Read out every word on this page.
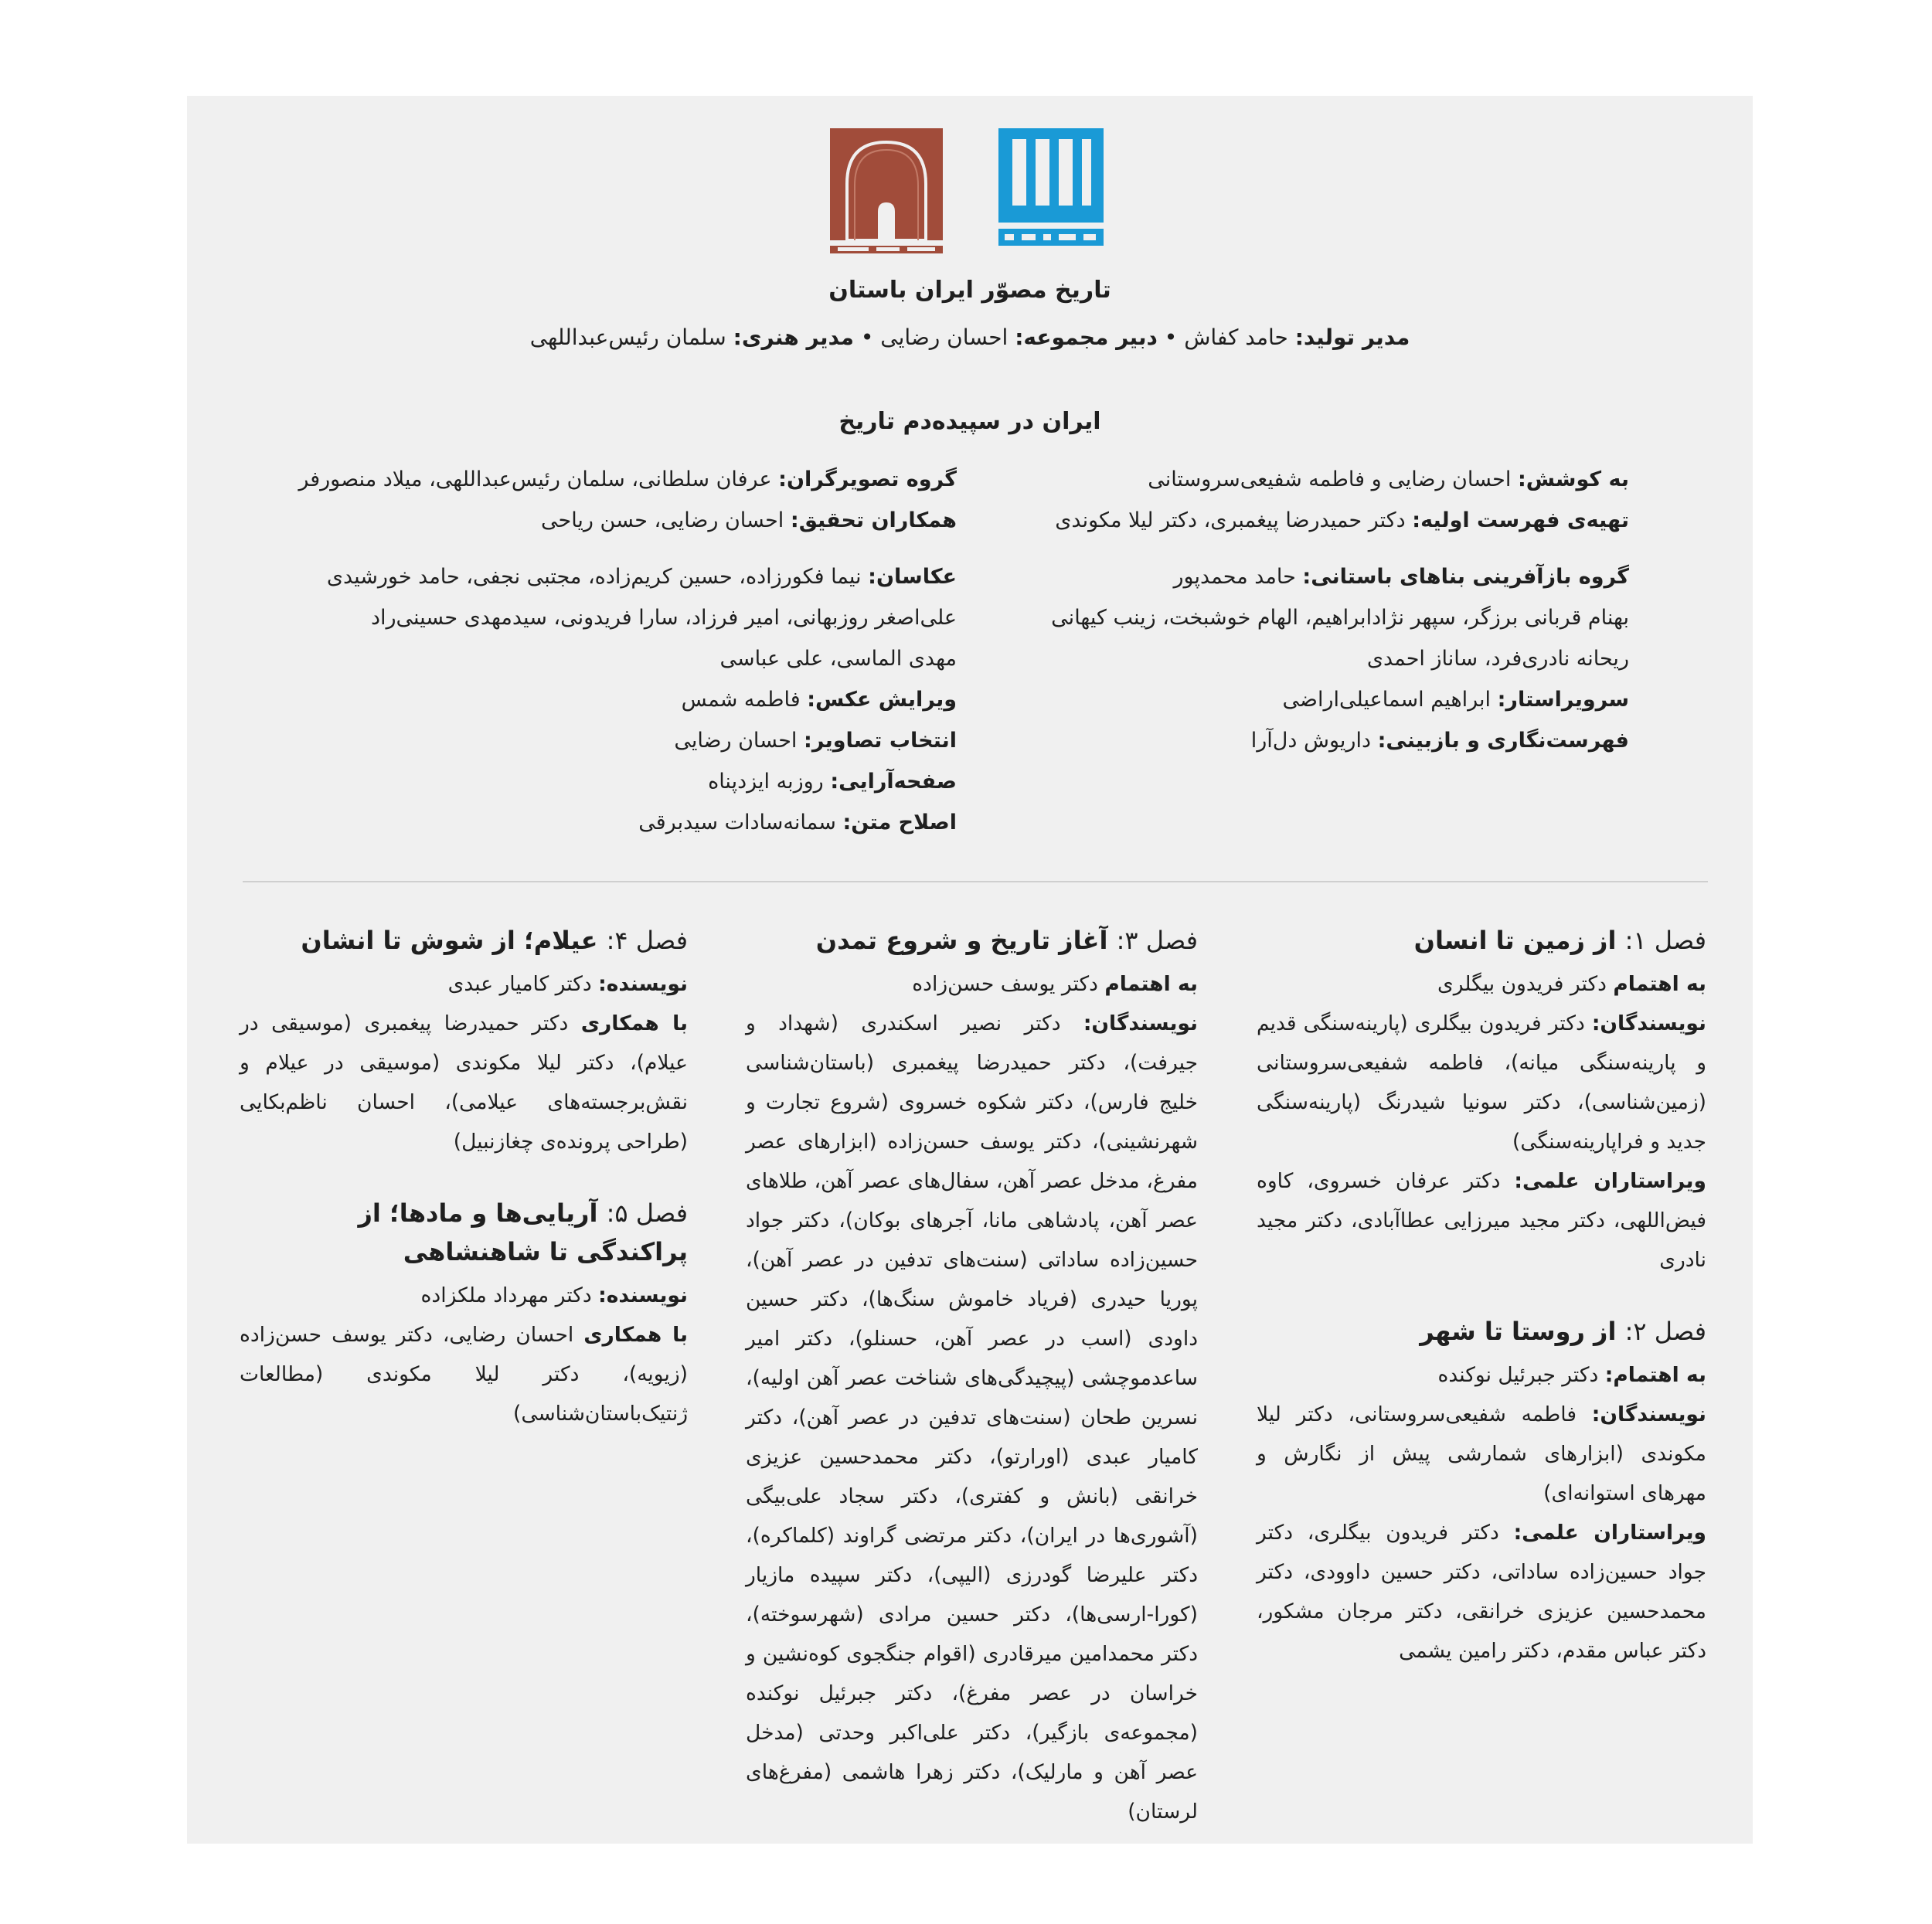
تاریخ مصوّر ایران باستان
مدیر تولید: حامد کفاش • دبیر مجموعه: احسان رضایی • مدیر هنری: سلمان رئیس‌عبداللهی
ایران در سپیده‌دم تاریخ
به کوشش: احسان رضایی و فاطمه شفیعی‌سروستانی
تهیه‌ی فهرست اولیه: دکتر حمیدرضا پیغمبری، دکتر لیلا مکوندی
گروه بازآفرینی بناهای باستانی: حامد محمدپور
بهنام قربانی برزگر، سپهر نژادابراهیم، الهام خوشبخت، زینب کیهانی
ریحانه نادری‌فرد، ساناز احمدی
سرویراستار: ابراهیم اسماعیلی‌اراضی
فهرست‌نگاری و بازبینی: داریوش دل‌آرا
گروه تصویرگران: عرفان سلطانی، سلمان رئیس‌عبداللهی، میلاد منصورفر
همکاران تحقیق: احسان رضایی، حسن ریاحی
عکاسان: نیما فکورزاده، حسین کریم‌زاده، مجتبی نجفی، حامد خورشیدی
علی‌اصغر روزبهانی، امیر فرزاد، سارا فریدونی، سیدمهدی حسینی‌راد
مهدی الماسی، علی عباسی
ویرایش عکس: فاطمه شمس
انتخاب تصاویر: احسان رضایی
صفحه‌آرایی: روزبه ایزدپناه
اصلاح متن: سمانه‌سادات سیدبرقی
فصل ۱: از زمین تا انسان
به اهتمام دکتر فریدون بیگلری
نویسندگان: دکتر فریدون بیگلری (پارینه‌سنگی قدیم و پارینه‌سنگی میانه)، فاطمه شفیعی‌سروستانی (زمین‌شناسی)، دکتر سونیا شیدرنگ (پارینه‌سنگی جدید و فراپارینه‌سنگی)
ویراستاران علمی: دکتر عرفان خسروی، کاوه فیض‌اللهی، دکتر مجید میرزایی عطاآبادی، دکتر مجید نادری
فصل ۲: از روستا تا شهر
به اهتمام: دکتر جبرئیل نوکنده
نویسندگان: فاطمه شفیعی‌سروستانی، دکتر لیلا مکوندی (ابزارهای شمارشی پیش از نگارش و مهرهای استوانه‌ای)
ویراستاران علمی: دکتر فریدون بیگلری، دکتر جواد حسین‌زاده ساداتی، دکتر حسین داوودی، دکتر محمدحسین عزیزی خرانقی، دکتر مرجان مشکور، دکتر عباس مقدم، دکتر رامین یشمی
فصل ۳: آغاز تاریخ و شروع تمدن
به اهتمام دکتر یوسف حسن‌زاده
نویسندگان: دکتر نصیر اسکندری (شهداد و جیرفت)، دکتر حمیدرضا پیغمبری (باستان‌شناسی خلیج فارس)، دکتر شکوه خسروی (شروع تجارت و شهرنشینی)، دکتر یوسف حسن‌زاده (ابزارهای عصر مفرغ، مدخل عصر آهن، سفال‌های عصر آهن، طلاهای عصر آهن، پادشاهی مانا، آجرهای بوکان)، دکتر جواد حسین‌زاده ساداتی (سنت‌های تدفین در عصر آهن)، پوریا حیدری (فریاد خاموش سنگ‌ها)، دکتر حسین داودی (اسب در عصر آهن، حسنلو)، دکتر امیر ساعدموچشی (پیچیدگی‌های شناخت عصر آهن اولیه)، نسرین طحان (سنت‌های تدفین در عصر آهن)، دکتر کامیار عبدی (اورارتو)، دکتر محمدحسین عزیزی خرانقی (بانش و کفتری)، دکتر سجاد علی‌بیگی (آشوری‌ها در ایران)، دکتر مرتضی گراوند (کلماکره)، دکتر علیرضا گودرزی (الیپی)، دکتر سپیده مازیار (کورا-ارسی‌ها)، دکتر حسین مرادی (شهرسوخته)، دکتر محمدامین میرقادری (اقوام جنگجوی کوه‌نشین و خراسان در عصر مفرغ)، دکتر جبرئیل نوکنده (مجموعه‌ی بازگیر)، دکتر علی‌اکبر وحدتی (مدخل عصر آهن و مارلیک)، دکتر زهرا هاشمی (مفرغ‌های لرستان)
فصل ۴: عیلام؛ از شوش تا انشان
نویسنده: دکتر کامیار عبدی
با همکاری دکتر حمیدرضا پیغمبری (موسیقی در عیلام)، دکتر لیلا مکوندی (موسیقی در عیلام و نقش‌برجسته‌های عیلامی)، احسان ناظم‌بکایی (طراحی پرونده‌ی چغازنبیل)
فصل ۵: آریایی‌ها و مادها؛ از پراکندگی تا شاهنشاهی
نویسنده: دکتر مهرداد ملکزاده
با همکاری احسان رضایی، دکتر یوسف حسن‌زاده (زیویه)، دکتر لیلا مکوندی (مطالعات ژنتیک‌باستان‌شناسی)
